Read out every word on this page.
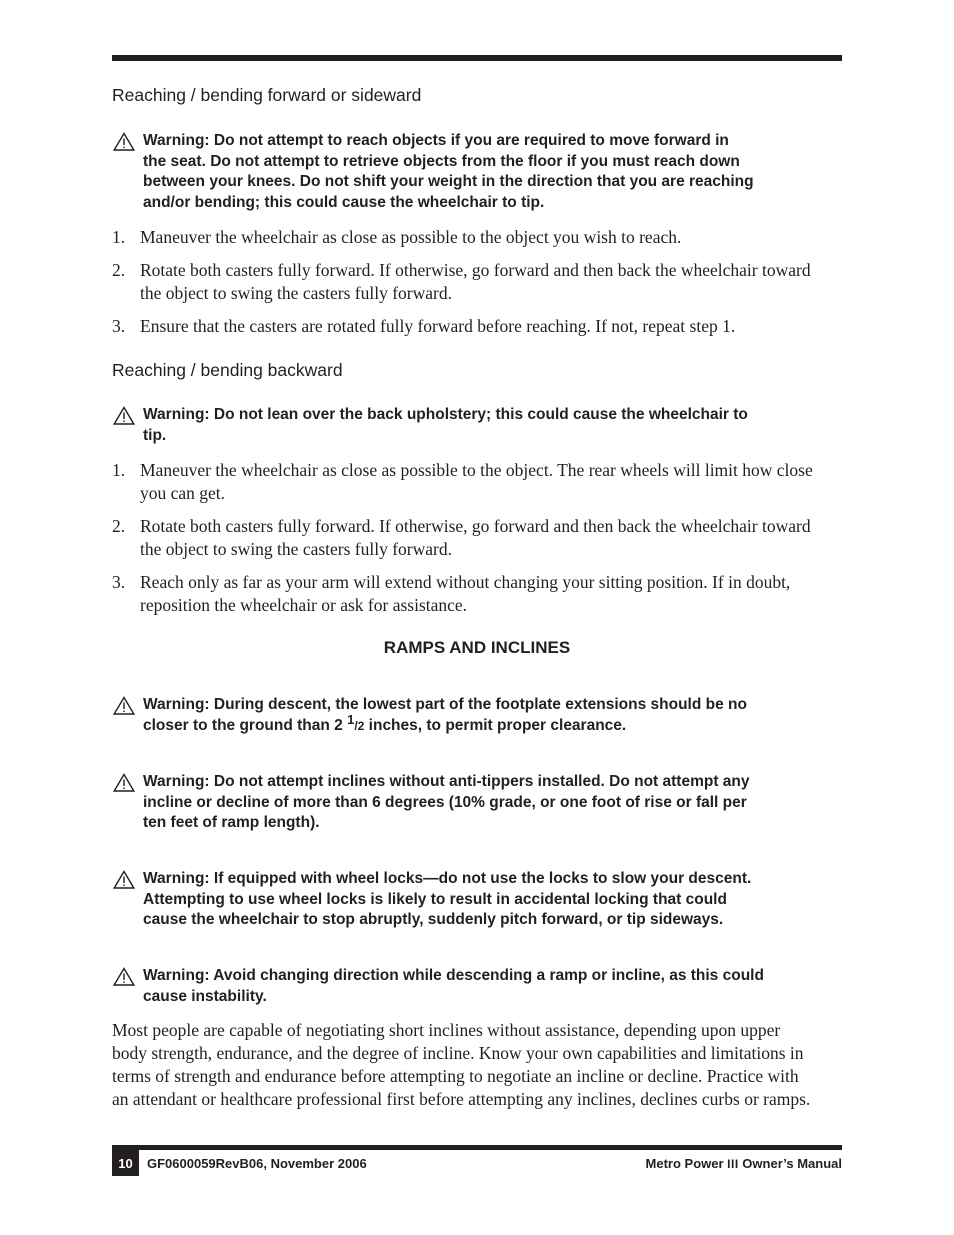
Reaching / bending forward or sideward
Warning: Do not attempt to reach objects if you are required to move forward in
the seat. Do not attempt to retrieve objects from the floor if you must reach down
between your knees. Do not shift your weight in the direction that you are reaching
and/or bending; this could cause the wheelchair to tip.
1. Maneuver the wheelchair as close as possible to the object you wish to reach.
2. Rotate both casters fully forward. If otherwise, go forward and then back the wheelchair toward
the object to swing the casters fully forward.
3. Ensure that the casters are rotated fully forward before reaching. If not, repeat step 1.
Reaching / bending backward
Warning: Do not lean over the back upholstery; this could cause the wheelchair to
tip.
1. Maneuver the wheelchair as close as possible to the object. The rear wheels will limit how close
you can get.
2. Rotate both casters fully forward. If otherwise, go forward and then back the wheelchair toward
the object to swing the casters fully forward.
3. Reach only as far as your arm will extend without changing your sitting position. If in doubt,
reposition the wheelchair or ask for assistance.
RAMPS AND INCLINES
Warning: During descent, the lowest part of the footplate extensions should be no
closer to the ground than 2 $^1$/2 inches, to permit proper clearance.
Warning: Do not attempt inclines without anti-tippers installed. Do not attempt any
incline or decline of more than 6 degrees (10% grade, or one foot of rise or fall per
ten feet of ramp length).
Warning: If equipped with wheel locks—do not use the locks to slow your descent.
Attempting to use wheel locks is likely to result in accidental locking that could
cause the wheelchair to stop abruptly, suddenly pitch forward, or tip sideways.
Warning: Avoid changing direction while descending a ramp or incline, as this could
cause instability.

Most people are capable of negotiating short inclines without assistance, depending upon upper
body strength, endurance, and the degree of incline. Know your own capabilities and limitations in
terms of strength and endurance before attempting to negotiate an incline or decline. Practice with
an attendant or healthcare professional first before attempting any inclines, declines curbs or ramps.

10	GF0600059RevB06, November 2006	Metro Power III Owner’s Manual
